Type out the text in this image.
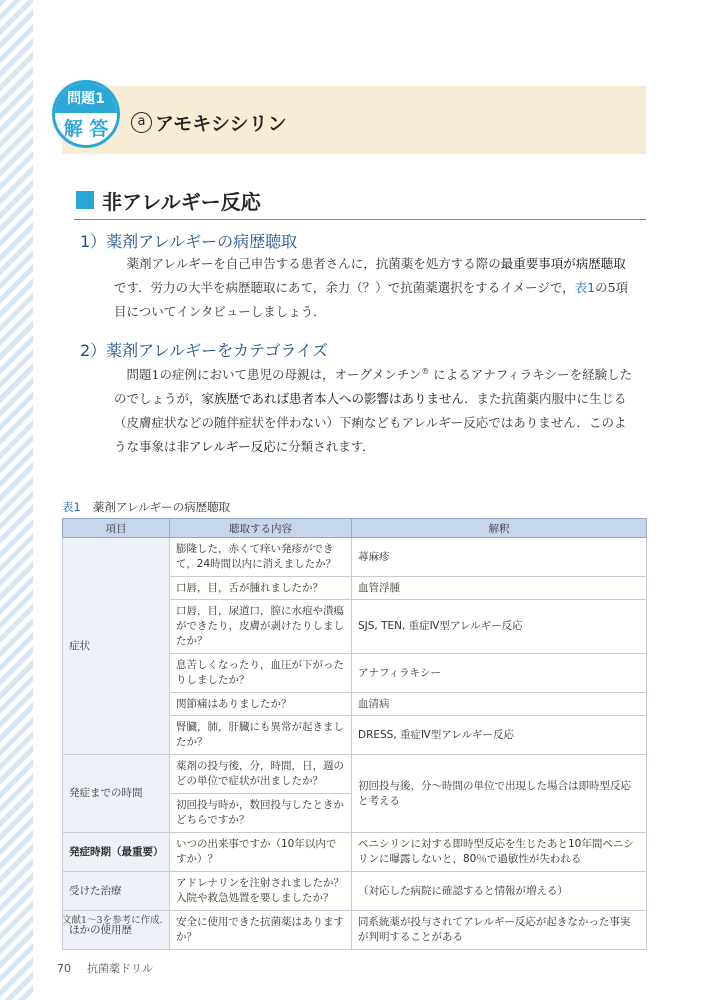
問題1
解 答	a アモキシシリン
非アレルギー反応
1）薬剤アレルギーの病歴聴取
薬剤アレルギーを自己申告する患者さんに，抗菌薬を処方する際の最重要事項が病歴聴取です．労力の大半を病歴聴取にあて，余力（？）で抗菌薬選択をするイメージで，表1の5項目についてインタビューしましょう．
2）薬剤アレルギーをカテゴライズ
問題1の症例において患児の母親は，オーグメンチン® によるアナフィラキシーを経験したのでしょうが，家族歴であれば患者本人への影響はありません．また抗菌薬内服中に生じる（皮膚症状などの随伴症状を伴わない）下痢などもアレルギー反応ではありません．このような事象は非アレルギー反応に分類されます．
表1 薬剤アレルギーの病歴聴取
項目	聴取する内容	解釈
症状	膨隆した，赤くて痒い発疹ができて，24時間以内に消えましたか？	蕁麻疹
	口唇，目，舌が腫れましたか？	血管浮腫
	口唇，目，尿道口，膣に水疱や潰瘍ができたり，皮膚が剥けたりしましたか？	SJS, TEN, 重症Ⅳ型アレルギー反応
	息苦しくなったり，血圧が下がったりしましたか？	アナフィラキシー
	関節痛はありましたか？	血清病
	腎臓，肺，肝臓にも異常が起きましたか？	DRESS, 重症Ⅳ型アレルギー反応
発症までの時間	薬剤の投与後，分，時間，日，週のどの単位で症状が出ましたか？	初回投与後，分〜時間の単位で出現した場合は即時型反応と考える
	初回投与時か，数回投与したときかどちらですか？	
発症時期（最重要）	いつの出来事ですか（10年以内ですか）？	ペニシリンに対する即時型反応を生じたあと10年間ペニシリンに曝露しないと，80％で過敏性が失われる
受けた治療	アドレナリンを注射されましたか？入院や救急処置を要しましたか？	（対応した病院に確認すると情報が増える）
ほかの使用歴	安全に使用できた抗菌薬はありますか？	同系統薬が投与されてアレルギー反応が起きなかった事実が判明することがある
文献1〜3を参考に作成．
70 抗菌薬ドリル
